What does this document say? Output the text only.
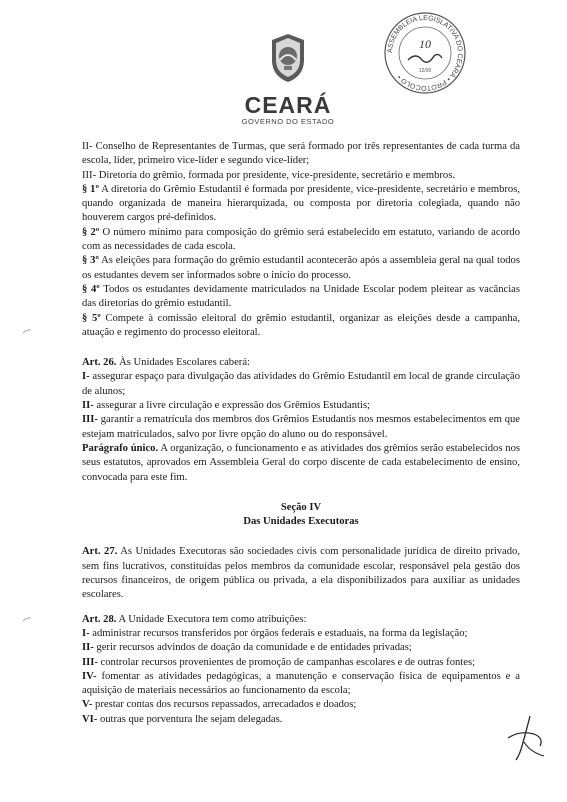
CEARÁ
GOVERNO DO ESTADO
ASSEMBLEIA LEGISLATIVA DO CEARÁ • PROTOCOLO •
10
12/00

II- Conselho de Representantes de Turmas, que será formado por três representantes de cada turma da escola, líder, primeiro vice-líder e segundo vice-líder;

III- Diretoria do grêmio, formada por presidente, vice-presidente, secretário e membros.

§ 1º A diretoria do Grêmio Estudantil é formada por presidente, vice-presidente, secretário e membros, quando organizada de maneira hierarquizada, ou composta por diretoria colegiada, quando não houverem cargos pré-definidos.

§ 2º O número mínimo para composição do grêmio será estabelecido em estatuto, variando de acordo com as necessidades de cada escola.

§ 3º As eleições para formação do grêmio estudantil acontecerão após a assembleia geral na qual todos os estudantes devem ser informados sobre o início do processo.

§ 4º Todos os estudantes devidamente matriculados na Unidade Escolar podem pleitear as vacâncias das diretorias do grêmio estudantil.

§ 5º Compete à comissão eleitoral do grêmio estudantil, organizar as eleições desde a campanha, atuação e regimento do processo eleitoral.

Art. 26. Às Unidades Escolares caberá:

I- assegurar espaço para divulgação das atividades do Grêmio Estudantil em local de grande circulação de alunos;

II- assegurar a livre circulação e expressão dos Grêmios Estudantis;

III- garantir a rematrícula dos membros dos Grêmios Estudantis nos mesmos estabelecimentos em que estejam matriculados, salvo por livre opção do aluno ou do responsável.

Parágrafo único. A organização, o funcionamento e as atividades dos grêmios serão estabelecidos nos seus estatutos, aprovados em Assembleia Geral do corpo discente de cada estabelecimento de ensino, convocada para este fim.

Seção IV

Das Unidades Executoras

Art. 27. As Unidades Executoras são sociedades civis com personalidade jurídica de direito privado, sem fins lucrativos, constituídas pelos membros da comunidade escolar, responsável pela gestão dos recursos financeiros, de origem pública ou privada, a ela disponibilizados para auxiliar as unidades escolares.

Art. 28. A Unidade Executora tem como atribuições:

I- administrar recursos transferidos por órgãos federais e estaduais, na forma da legislação;

II- gerir recursos advindos de doação da comunidade e de entidades privadas;

III- controlar recursos provenientes de promoção de campanhas escolares e de outras fontes;

IV- fomentar as atividades pedagógicas, a manutenção e conservação física de equipamentos e a aquisição de materiais necessários ao funcionamento da escola;

V- prestar contas dos recursos repassados, arrecadados e doados;

VI- outras que porventura lhe sejam delegadas.
